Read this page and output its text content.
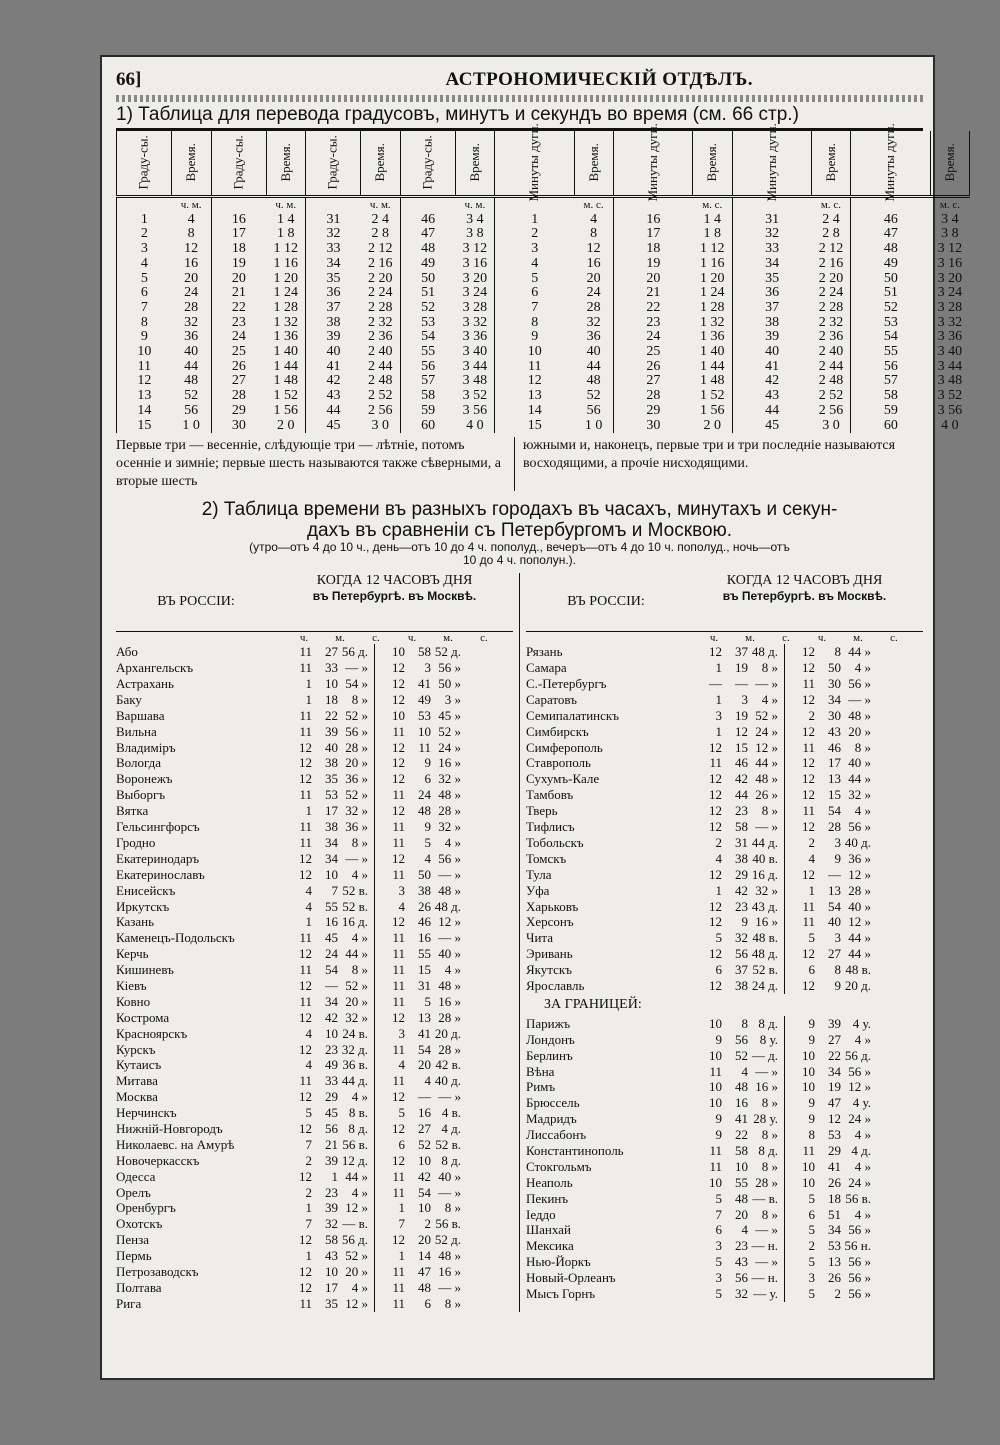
66]	АСТРОНОМИЧЕСКІЙ ОТДѢЛЪ.
1) Таблица для перевода градусовъ, минутъ и секундъ во время (см. 66 стр.)
Граду-сы.	Время.	Граду-сы.	Время.	Граду-сы.	Время.	Граду-сы.	Время.	Минуты дуги.	Время.	Минуты дуги.	Время.	Минуты дуги.	Время.	Минуты дуги.	Время.
	ч. м.		ч. м.		ч. м.		ч. м.		м. с.		м. с.		м. с.		м. с.
1	4	16	1 4	31	2 4	46	3 4	1	4	16	1 4	31	2 4	46	3 4
2	8	17	1 8	32	2 8	47	3 8	2	8	17	1 8	32	2 8	47	3 8
3	12	18	1 12	33	2 12	48	3 12	3	12	18	1 12	33	2 12	48	3 12
4	16	19	1 16	34	2 16	49	3 16	4	16	19	1 16	34	2 16	49	3 16
5	20	20	1 20	35	2 20	50	3 20	5	20	20	1 20	35	2 20	50	3 20
6	24	21	1 24	36	2 24	51	3 24	6	24	21	1 24	36	2 24	51	3 24
7	28	22	1 28	37	2 28	52	3 28	7	28	22	1 28	37	2 28	52	3 28
8	32	23	1 32	38	2 32	53	3 32	8	32	23	1 32	38	2 32	53	3 32
9	36	24	1 36	39	2 36	54	3 36	9	36	24	1 36	39	2 36	54	3 36
10	40	25	1 40	40	2 40	55	3 40	10	40	25	1 40	40	2 40	55	3 40
11	44	26	1 44	41	2 44	56	3 44	11	44	26	1 44	41	2 44	56	3 44
12	48	27	1 48	42	2 48	57	3 48	12	48	27	1 48	42	2 48	57	3 48
13	52	28	1 52	43	2 52	58	3 52	13	52	28	1 52	43	2 52	58	3 52
14	56	29	1 56	44	2 56	59	3 56	14	56	29	1 56	44	2 56	59	3 56
15	1 0	30	2 0	45	3 0	60	4 0	15	1 0	30	2 0	45	3 0	60	4 0
Первые три — весенніе, слѣдующіе три — лѣтніе, потомъ осенніе и зимніе; первые шесть называются также сѣверными, а вторые шесть
южными и, наконецъ, первые три и три последніе называются восходящими, а прочіе нисходящими.
2) Таблица времени въ разныхъ городахъ въ часахъ, минутахъ и секун-
дахъ въ сравненіи съ Петербургомъ и Москвою.
(утро—отъ 4 до 10 ч., день—отъ 10 до 4 ч. пополуд., вечеръ—отъ 4 до 10 ч. пополуд., ночь—отъ
10 до 4 ч. пополун.).
ВЪ РОССІИ:
КОГДА 12 ЧАСОВЪ ДНЯ
въ Петербургѣ. въ Москвѣ.
ч.	м.	с.	ч.	м.	с.
Або	11	27 56 д.	10	58 52 д.
Архангельскъ	11	33 — »	12	3 56 »
Астрахань	1	10 54 »	12	41 50 »
Баку	1	18	8 »	12	49	3 »
Варшава	11	22 52 »	10	53 45 »
Вильна	11	39 56 »	11	10 52 »
Владиміръ	12	40 28 »	12	11 24 »
Вологда	12	38 20 »	12	9 16 »
Воронежъ	12	35 36 »	12	6 32 »
Выборгъ	11	53 52 »	11	24 48 »
Вятка	1	17 32 »	12	48 28 »
Гельсингфорсъ	11	38 36 »	11	9 32 »
Гродно	11	34	8 »	11	5	4 »
Екатеринодаръ	12	34 — »	12	4 56 »
Екатеринославъ	12	10	4 »	11	50 — »
Енисейскъ	4	7 52 в.	3	38 48 »
Иркутскъ	4	55 52 в.	4	26 48 д.
Казань	1	16 16 д.	12	46 12 »
Каменецъ-Подольскъ	11	45	4 »	11	16 — »
Керчь	12	24 44 »	11	55 40 »
Кишиневъ	11	54	8 »	11	15	4 »
Кіевъ	12	— 52 »	11	31 48 »
Ковно	11	34 20 »	11	5 16 »
Кострома	12	42 32 »	12	13 28 »
Красноярскъ	4	10 24 в.	3	41 20 д.
Курскъ	12	23 32 д.	11	54 28 »
Кутаисъ	4	49 36 в.	4	20 42 в.
Митава	11	33 44 д.	11	4 40 д.
Москва	12	29	4 »	12	— — »
Нерчинскъ	5	45 8 в.	5	16 4 в.
Нижній-Новгородъ	12	56 8 д.	12	27 4 д.
Николаевс. на Амурѣ	7	21 56 в.	6	52 52 в.
Новочеркасскъ	2	39 12 д.	12	10 8 д.
Одесса	12	1 44 »	11	42 40 »
Орелъ	2	23	4 »	11	54 — »
Оренбургъ	1	39 12 »	1	10	8 »
Охотскъ	7	32 — в.	7	2 56 в.
Пенза	12	58 56 д.	12	20 52 д.
Пермь	1	43 52 »	1	14 48 »
Петрозаводскъ	12	10 20 »	11	47 16 »
Полтава	12	17	4 »	11	48 — »
Рига	11	35 12 »	11	6	8 »
ВЪ РОССІИ:
КОГДА 12 ЧАСОВЪ ДНЯ
въ Петербургѣ. въ Москвѣ.
ч.	м.	с.	ч.	м.	с.
Рязань	12	37 48 д.	12	8 44 »
Самара	1	19	8 »	12	50	4 »
С.-Петербургъ	—	— — »	11	30 56 »
Саратовъ	1	3	4 »	12	34 — »
Семипалатинскъ	3	19 52 »	2	30 48 »
Симбирскъ	1	12 24 »	12	43 20 »
Симферополь	12	15 12 »	11	46	8 »
Ставрополь	11	46 44 »	12	17 40 »
Сухумъ-Кале	12	42 48 »	12	13 44 »
Тамбовъ	12	44 26 »	12	15 32 »
Тверь	12	23	8 »	11	54	4 »
Тифлисъ	12	58 — »	12	28 56 »
Тобольскъ	2	31 44 д.	2	3 40 д.
Томскъ	4	38 40 в.	4	9 36 »
Тула	12	29 16 д.	12	— 12 »
Уфа	1	42 32 »	1	13 28 »
Харьковъ	12	23 43 д.	11	54 40 »
Херсонъ	12	9 16 »	11	40 12 »
Чита	5	32 48 в.	5	3 44 »
Эривань	12	56 48 д.	12	27 44 »
Якутскъ	6	37 52 в.	6	8 48 в.
Ярославль	12	38 24 д.	12	9 20 д.
ЗА ГРАНИЦЕЙ:
Парижъ	10	8 8 д.	9	39 4 у.
Лондонъ	9	56 8 у.	9	27	4 »
Берлинъ	10	52 — д.	10	22 56 д.
Вѣна	11	4 — »	10	34 56 »
Римъ	10	48 16 »	10	19 12 »
Брюссель	10	16	8 »	9	47 4 у.
Мадридъ	9	41 28 у.	9	12 24 »
Лиссабонъ	9	22	8 »	8	53	4 »
Константинополь	11	58 8 д.	11	29 4 д.
Стокгольмъ	11	10	8 »	10	41	4 »
Неаполь	10	55 28 »	10	26 24 »
Пекинъ	5	48 — в.	5	18 56 в.
Іеддо	7	20	8 »	6	51	4 »
Шанхай	6	4 — »	5	34 56 »
Мексика	3	23 — н.	2	53 56 н.
Нью-Йоркъ	5	43 — »	5	13 56 »
Новый-Орлеанъ	3	56 — н.	3	26 56 »
Мысъ Горнъ	5	32 — у.	5	2 56 »
